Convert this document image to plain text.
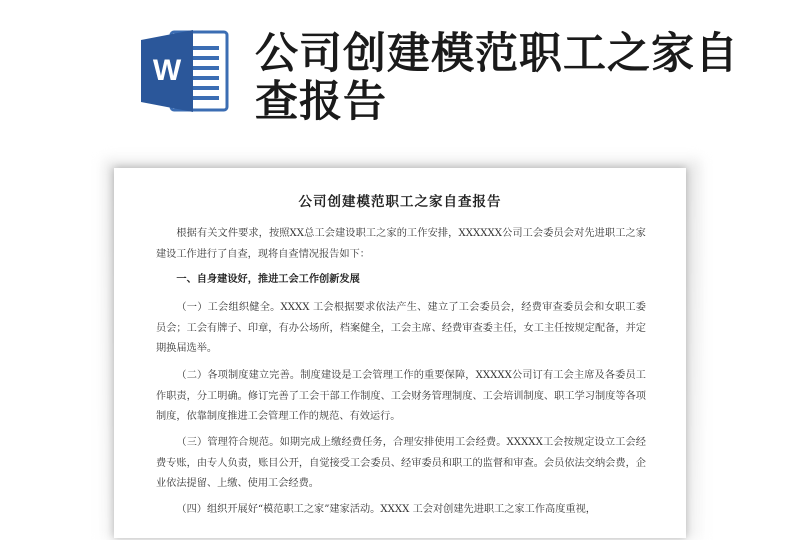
W 公司创建模范职工之家自查报告
公司创建模范职工之家自查报告

根据有关文件要求，按照XX总工会建设职工之家的工作安排，XXXXXX公司工会委员会对先进职工之家建设工作进行了自查，现将自查情况报告如下：

一、自身建设好，推进工会工作创新发展

（一）工会组织健全。XXXX 工会根据要求依法产生、建立了工会委员会，经费审查委员会和女职工委员会；工会有牌子、印章，有办公场所，档案健全，工会主席、经费审查委主任，女工主任按规定配备，并定期换届选举。

（二）各项制度建立完善。制度建设是工会管理工作的重要保障，XXXXX公司订有工会主席及各委员工作职责，分工明确。修订完善了工会干部工作制度、工会财务管理制度、工会培训制度、职工学习制度等各项制度，依靠制度推进工会管理工作的规范、有效运行。

（三）管理符合规范。如期完成上缴经费任务，合理安排使用工会经费。XXXXX工会按规定设立工会经费专账，由专人负责，账目公开，自觉接受工会委员、经审委员和职工的监督和审查。会员依法交纳会费，企业依法提留、上缴、使用工会经费。

（四）组织开展好“模范职工之家”建家活动。XXXX 工会对创建先进职工之家工作高度重视，
